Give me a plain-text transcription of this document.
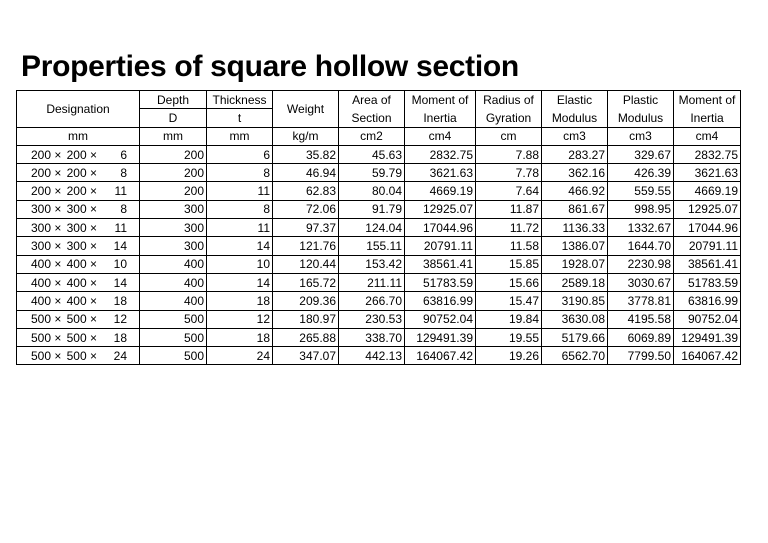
Properties of square hollow section
Designation	Depth	Thickness	Weight	Area of	Moment of	Radius of	Elastic	Plastic	Moment of
	D	t		Section	Inertia	Gyration	Modulus	Modulus	Inertia
mm	mm	mm	kg/m	cm2	cm4	cm	cm3	cm3	cm4
200 × 200 × 6	200	6	35.82	45.63	2832.75	7.88	283.27	329.67	2832.75
200 × 200 × 8	200	8	46.94	59.79	3621.63	7.78	362.16	426.39	3621.63
200 × 200 × 11	200	11	62.83	80.04	4669.19	7.64	466.92	559.55	4669.19
300 × 300 × 8	300	8	72.06	91.79	12925.07	11.87	861.67	998.95	12925.07
300 × 300 × 11	300	11	97.37	124.04	17044.96	11.72	1136.33	1332.67	17044.96
300 × 300 × 14	300	14	121.76	155.11	20791.11	11.58	1386.07	1644.70	20791.11
400 × 400 × 10	400	10	120.44	153.42	38561.41	15.85	1928.07	2230.98	38561.41
400 × 400 × 14	400	14	165.72	211.11	51783.59	15.66	2589.18	3030.67	51783.59
400 × 400 × 18	400	18	209.36	266.70	63816.99	15.47	3190.85	3778.81	63816.99
500 × 500 × 12	500	12	180.97	230.53	90752.04	19.84	3630.08	4195.58	90752.04
500 × 500 × 18	500	18	265.88	338.70	129491.39	19.55	5179.66	6069.89	129491.39
500 × 500 × 24	500	24	347.07	442.13	164067.42	19.26	6562.70	7799.50	164067.42
